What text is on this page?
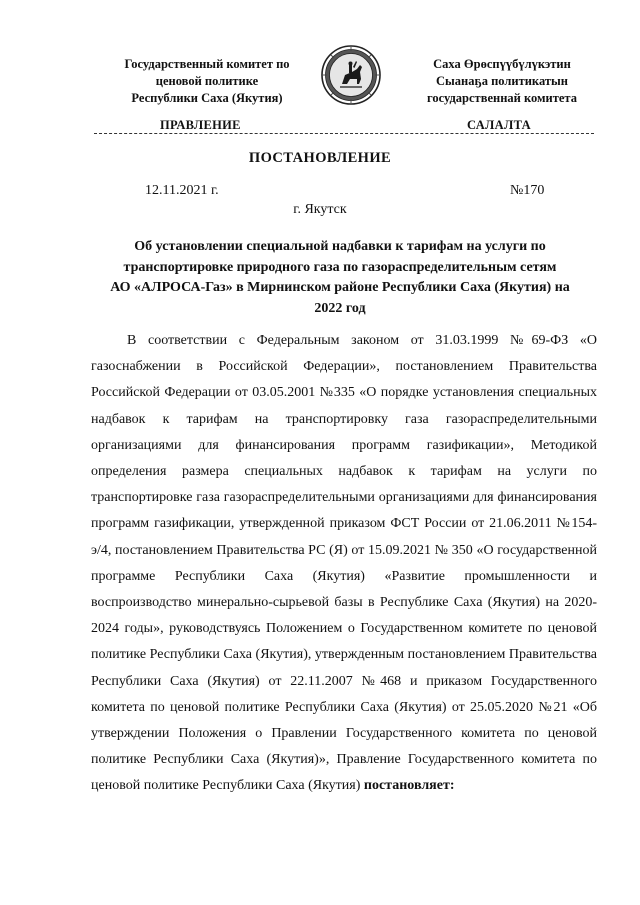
Государственный комитет по
ценовой политике
Республики Саха (Якутия)
Саха Өрөспүүбүлүкэтин
Сыанаҕа политикатын
государственнай комитета
ПРАВЛЕНИЕ	САЛАЛТА
ПОСТАНОВЛЕНИЕ
12.11.2021 г.	№170
г. Якутск
Об установлении специальной надбавки к тарифам на услуги по
транспортировке природного газа по газораспределительным сетям
АО «АЛРОСА-Газ» в Мирнинском районе Республики Саха (Якутия) на
2022 год

В соответствии с Федеральным законом от 31.03.1999 №69-ФЗ «О газоснабжении в Российской Федерации», постановлением Правительства Российской Федерации от 03.05.2001 №335 «О порядке установления специальных надбавок к тарифам на транспортировку газа газораспределительными организациями для финансирования программ газификации», Методикой определения размера специальных надбавок к тарифам на услуги по транспортировке газа газораспределительными организациями для финансирования программ газификации, утвержденной приказом ФСТ России от 21.06.2011 №154-э/4, постановлением Правительства РС (Я) от 15.09.2021 № 350 «О государственной программе Республики Саха (Якутия) «Развитие промышленности и воспроизводство минерально-сырьевой базы в Республике Саха (Якутия) на 2020-2024 годы», руководствуясь Положением о Государственном комитете по ценовой политике Республики Саха (Якутия), утвержденным постановлением Правительства Республики Саха (Якутия) от 22.11.2007 №468 и приказом Государственного комитета по ценовой политике Республики Саха (Якутия) от 25.05.2020 №21 «Об утверждении Положения о Правлении Государственного комитета по ценовой политике Республики Саха (Якутия)», Правление Государственного комитета по ценовой политике Республики Саха (Якутия) постановляет:
